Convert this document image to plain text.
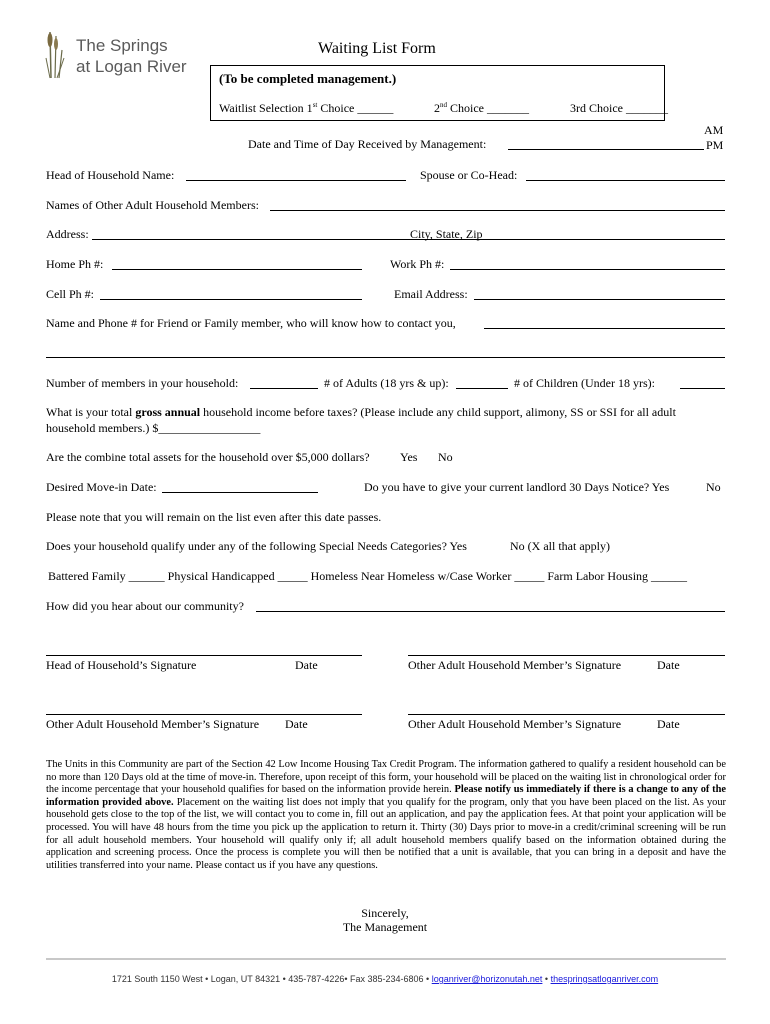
The Springs
at Logan River
Waiting List Form
(To be completed management.)
Waitlist Selection 1st Choice ______	2nd Choice _______	3rd Choice _______
Date and Time of Day Received by Management:
AM
PM
Head of Household Name:	Spouse or Co-Head:
Names of Other Adult Household Members:
Address:	City, State, Zip
Home Ph #:	Work Ph #:
Cell Ph #:	Email Address:
Name and Phone # for Friend or Family member, who will know how to contact you,
Number of members in your household:	# of Adults (18 yrs & up):	# of Children (Under 18 yrs):
What is your total gross annual household income before taxes? (Please include any child support, alimony, SS or SSI for all adult
household members.) $_________________
Are the combine total assets for the household over $5,000 dollars?	Yes No
Desired Move-in Date:	Do you have to give your current landlord 30 Days Notice? Yes	No
Please note that you will remain on the list even after this date passes.
Does your household qualify under any of the following Special Needs Categories? Yes	No (X all that apply)
Battered Family ______ Physical Handicapped _____ Homeless Near Homeless w/Case Worker _____ Farm Labor Housing ______
How did you hear about our community?
Head of Household’s Signature	Date	Other Adult Household Member’s Signature	Date
Other Adult Household Member’s Signature Date	Other Adult Household Member’s Signature	Date
The Units in this Community are part of the Section 42 Low Income Housing Tax Credit Program. The information gathered to qualify a resident household can be no more than 120 Days old at the time of move-in. Therefore, upon receipt of this form, your household will be placed on the waiting list in chronological order for the income percentage that your household qualifies for based on the information provide herein. Please notify us immediately if there is a change to any of the information provided above. Placement on the waiting list does not imply that you qualify for the program, only that you have been placed on the list. As your household gets close to the top of the list, we will contact you to come in, fill out an application, and pay the application fees. At that point your application will be processed. You will have 48 hours from the time you pick up the application to return it. Thirty (30) Days prior to move-in a credit/criminal screening will be run for all adult household members. Your household will qualify only if; all adult household members qualify based on the information obtained during the application and screening process. Once the process is complete you will then be notified that a unit is available, that you can bring in a deposit and have the utilities transferred into your name. Please contact us if you have any questions.
Sincerely,
The Management
1721 South 1150 West • Logan, UT 84321 • 435-787-4226• Fax 385-234-6806 • loganriver@horizonutah.net • thespringsatloganriver.com
